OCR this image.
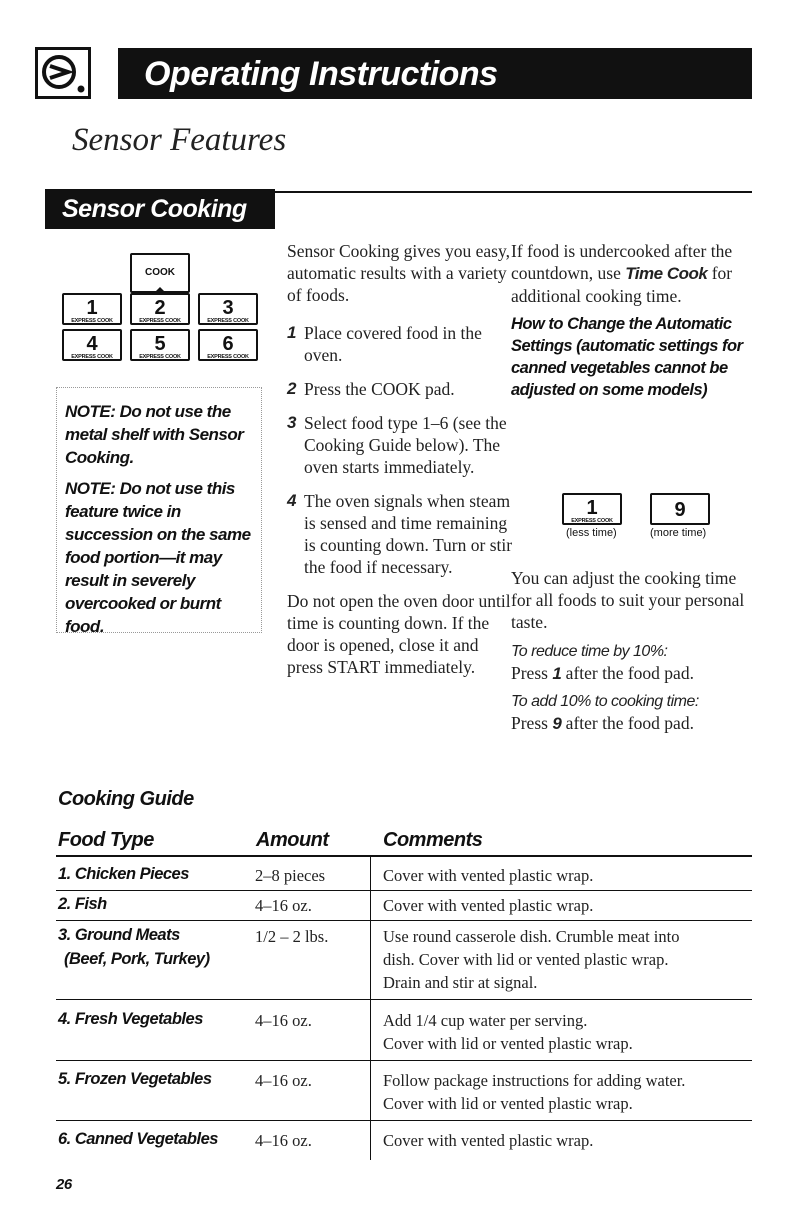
Operating Instructions
Sensor Features
Sensor Cooking
COOK
1
EXPRESS COOK
2
EXPRESS COOK
3
EXPRESS COOK
4
EXPRESS COOK
5
EXPRESS COOK
6
EXPRESS COOK
NOTE: Do not use the metal shelf with Sensor Cooking.
NOTE: Do not use this feature twice in succession on the same food portion—it may result in severely overcooked or burnt food.
Sensor Cooking gives you easy, automatic results with a variety of foods.
1 Place covered food in the oven.
2 Press the COOK pad.
3 Select food type 1–6 (see the Cooking Guide below). The oven starts immediately.
4 The oven signals when steam is sensed and time remaining is counting down. Turn or stir the food if necessary.
Do not open the oven door until time is counting down. If the door is opened, close it and press START immediately.
If food is undercooked after the countdown, use Time Cook for additional cooking time.
How to Change the Automatic Settings (automatic settings for canned vegetables cannot be adjusted on some models)
1
EXPRESS COOK	9
(less time)	(more time)
You can adjust the cooking time for all foods to suit your personal taste.
To reduce time by 10%:
Press 1 after the food pad.
To add 10% to cooking time:
Press 9 after the food pad.
Cooking Guide
Food Type	Amount	Comments
1. Chicken Pieces	2–8 pieces	Cover with vented plastic wrap.
2. Fish	4–16 oz.	Cover with vented plastic wrap.
3. Ground Meats
(Beef, Pork, Turkey)
1/2 – 2 lbs.	Use round casserole dish. Crumble meat into
dish. Cover with lid or vented plastic wrap.
Drain and stir at signal.
4. Fresh Vegetables	4–16 oz.	Add 1/4 cup water per serving.
Cover with lid or vented plastic wrap.
5. Frozen Vegetables	4–16 oz.	Follow package instructions for adding water.
Cover with lid or vented plastic wrap.
6. Canned Vegetables 4–16 oz.	Cover with vented plastic wrap.
26
